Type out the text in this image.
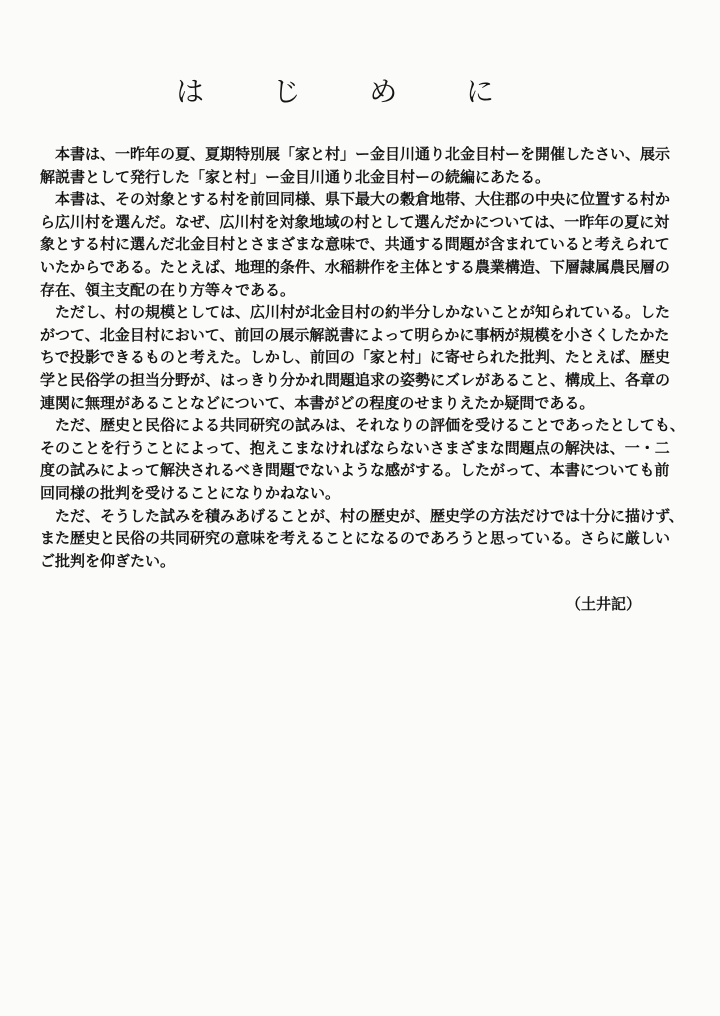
は じ め に

本書は、一昨年の夏、夏期特別展「家と村」ー金目川通り北金目村ーを開催したさい、展示
解説書として発行した「家と村」ー金目川通り北金目村ーの続編にあたる。

本書は、その対象とする村を前回同様、県下最大の穀倉地帯、大住郡の中央に位置する村か
ら広川村を選んだ。なぜ、広川村を対象地域の村として選んだかについては、一昨年の夏に対
象とする村に選んだ北金目村とさまざまな意味で、共通する問題が含まれていると考えられて
いたからである。たとえば、地理的条件、水稲耕作を主体とする農業構造、下層隷属農民層の
存在、領主支配の在り方等々である。

ただし、村の規模としては、広川村が北金目村の約半分しかないことが知られている。した
がつて、北金目村において、前回の展示解説書によって明らかに事柄が規模を小さくしたかた
ちで投影できるものと考えた。しかし、前回の「家と村」に寄せられた批判、たとえば、歴史
学と民俗学の担当分野が、はっきり分かれ問題追求の姿勢にズレがあること、構成上、各章の
連関に無理があることなどについて、本書がどの程度のせまりえたか疑問である。

ただ、歴史と民俗による共同研究の試みは、それなりの評価を受けることであったとしても、
そのことを行うことによって、抱えこまなければならないさまざまな問題点の解決は、一・二
度の試みによって解決されるべき問題でないような感がする。したがって、本書についても前
回同様の批判を受けることになりかねない。

ただ、そうした試みを積みあげることが、村の歴史が、歴史学の方法だけでは十分に描けず、
また歴史と民俗の共同研究の意味を考えることになるのであろうと思っている。さらに厳しい
ご批判を仰ぎたい。

（土井記）
